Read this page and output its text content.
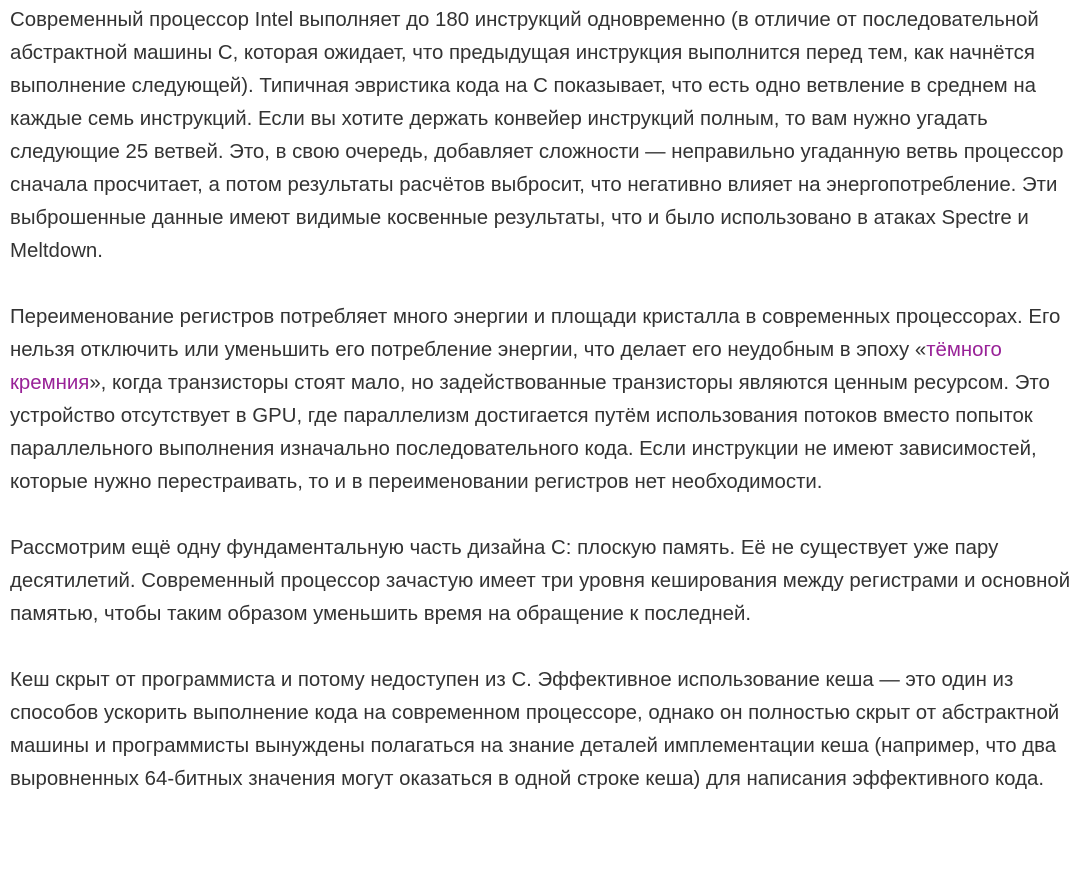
Современный процессор Intel выполняет до 180 инструкций одновременно (в отличие от последовательной абстрактной машины C, которая ожидает, что предыдущая инструкция выполнится перед тем, как начнётся выполнение следующей). Типичная эвристика кода на C показывает, что есть одно ветвление в среднем на каждые семь инструкций. Если вы хотите держать конвейер инструкций полным, то вам нужно угадать следующие 25 ветвей. Это, в свою очередь, добавляет сложности — неправильно угаданную ветвь процессор сначала просчитает, а потом результаты расчётов выбросит, что негативно влияет на энергопотребление. Эти выброшенные данные имеют видимые косвенные результаты, что и было использовано в атаках Spectre и Meltdown.

Переименование регистров потребляет много энергии и площади кристалла в современных процессорах. Его нельзя отключить или уменьшить его потребление энергии, что делает его неудобным в эпоху «тёмного кремния», когда транзисторы стоят мало, но задействованные транзисторы являются ценным ресурсом. Это устройство отсутствует в GPU, где параллелизм достигается путём использования потоков вместо попыток параллельного выполнения изначально последовательного кода. Если инструкции не имеют зависимостей, которые нужно перестраивать, то и в переименовании регистров нет необходимости.

Рассмотрим ещё одну фундаментальную часть дизайна C: плоскую память. Её не существует уже пару десятилетий. Современный процессор зачастую имеет три уровня кеширования между регистрами и основной памятью, чтобы таким образом уменьшить время на обращение к последней.

Кеш скрыт от программиста и потому недоступен из C. Эффективное использование кеша — это один из способов ускорить выполнение кода на современном процессоре, однако он полностью скрыт от абстрактной машины и программисты вынуждены полагаться на знание деталей имплементации кеша (например, что два выровненных 64-битных значения могут оказаться в одной строке кеша) для написания эффективного кода.
